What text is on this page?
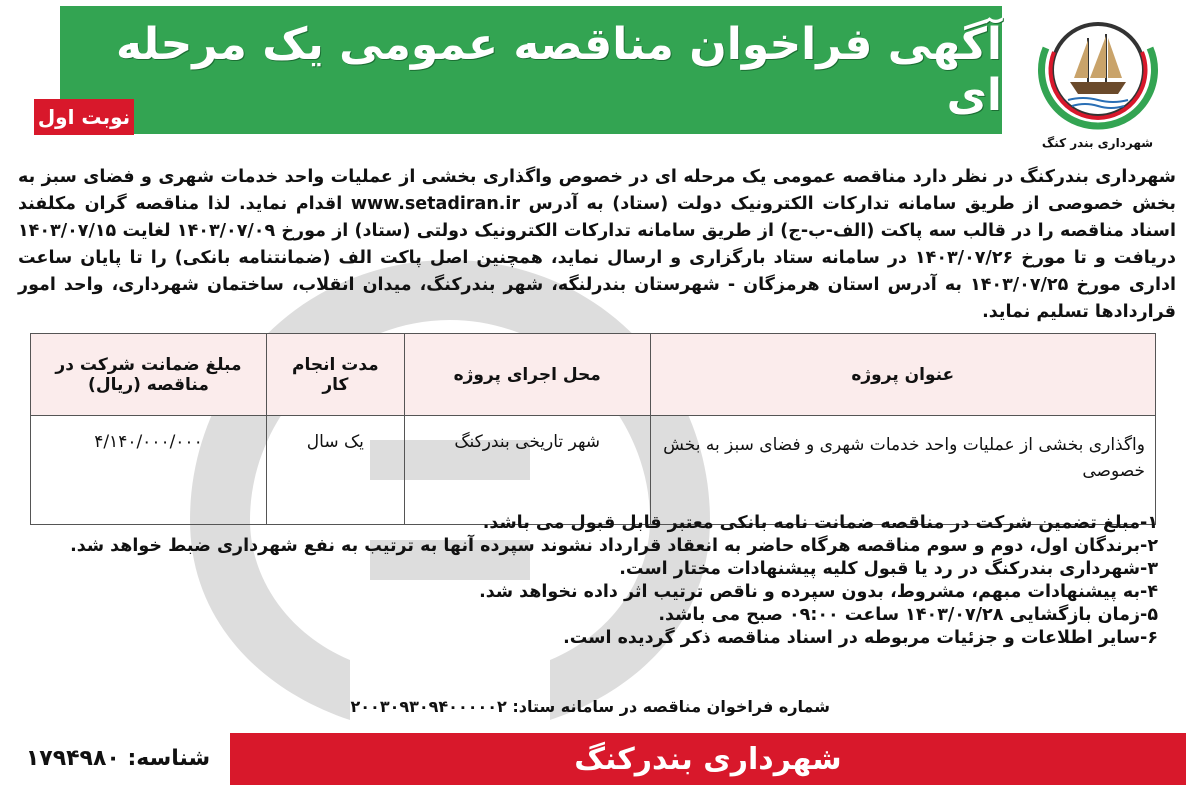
آگهی فراخوان مناقصه عمومی یک مرحله ای
نوبت اول
شهرداری بندر کنگ
شهرداری بندرکنگ در نظر دارد مناقصه عمومی یک مرحله ای در خصوص واگذاری بخشی از عملیات واحد خدمات شهری و فضای سبز به بخش خصوصی از طریق سامانه تدارکات الکترونیک دولت (ستاد) به آدرس www.setadiran.ir اقدام نماید. لذا مناقصه گران مکلفند اسناد مناقصه را در قالب سه پاکت (الف-ب-ج) از طریق سامانه تدارکات الکترونیک دولتی (ستاد) از مورخ ۱۴۰۳/۰۷/۰۹ لغایت ۱۴۰۳/۰۷/۱۵ دریافت و تا مورخ ۱۴۰۳/۰۷/۲۶ در سامانه ستاد بارگزاری و ارسال نماید، همچنین اصل پاکت الف (ضمانتنامه بانکی) را تا پایان ساعت اداری مورخ ۱۴۰۳/۰۷/۲۵ به آدرس استان هرمزگان - شهرستان بندرلنگه، شهر بندرکنگ، میدان انقلاب، ساختمان شهرداری، واحد امور قراردادها تسلیم نماید.
عنوان پروژه	محل اجرای پروژه	مدت انجام کار	مبلغ ضمانت شرکت در مناقصه (ریال)
واگذاری بخشی از عملیات واحد خدمات شهری و فضای سبز به بخش خصوصی	شهر تاریخی بندرکنگ	یک سال	۴/۱۴۰/۰۰۰/۰۰۰
۱-مبلغ تضمین شرکت در مناقصه ضمانت نامه بانکی معتبر قابل قبول می باشد.
۲-برندگان اول، دوم و سوم مناقصه هرگاه حاضر به انعقاد قرارداد نشوند سپرده آنها به ترتیب به نفع شهرداری ضبط خواهد شد.
۳-شهرداری بندرکنگ در رد یا قبول کلیه پیشنهادات مختار است.
۴-به پیشنهادات مبهم، مشروط، بدون سپرده و ناقص ترتیب اثر داده نخواهد شد.
۵-زمان بازگشایی ۱۴۰۳/۰۷/۲۸ ساعت ۰۹:۰۰ صبح می باشد.
۶-سایر اطلاعات و جزئیات مربوطه در اسناد مناقصه ذکر گردیده است.
شماره فراخوان مناقصه در سامانه ستاد: ۲۰۰۳۰۹۳۰۹۴۰۰۰۰۰۲
شهرداری بندرکنگ
شناسه: ۱۷۹۴۹۸۰
